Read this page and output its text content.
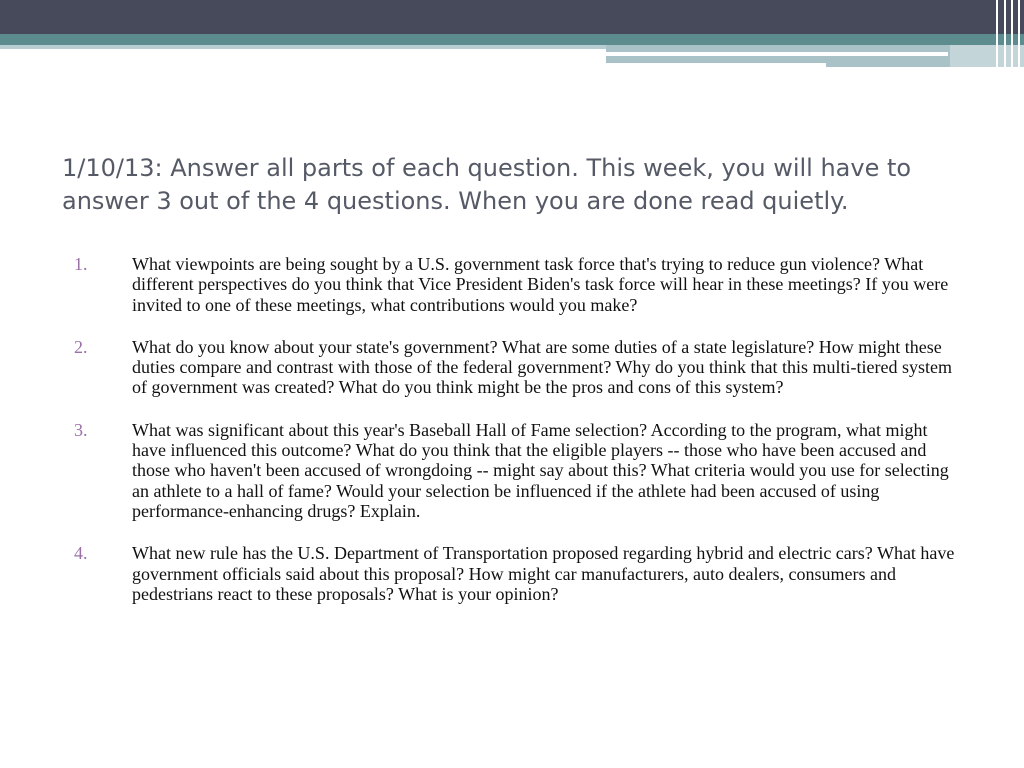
1/10/13: Answer all parts of each question. This week, you will have to answer 3 out of the 4 questions. When you are done read quietly.
1.	What viewpoints are being sought by a U.S. government task force that's trying to reduce gun violence? What different perspectives do you think that Vice President Biden's task force will hear in these meetings? If you were invited to one of these meetings, what contributions would you make?
2.	What do you know about your state's government? What are some duties of a state legislature? How might these duties compare and contrast with those of the federal government? Why do you think that this multi-tiered system of government was created? What do you think might be the pros and cons of this system?
3.	What was significant about this year's Baseball Hall of Fame selection? According to the program, what might have influenced this outcome? What do you think that the eligible players -- those who have been accused and those who haven't been accused of wrongdoing -- might say about this? What criteria would you use for selecting an athlete to a hall of fame? Would your selection be influenced if the athlete had been accused of using performance-enhancing drugs? Explain.
4.	What new rule has the U.S. Department of Transportation proposed regarding hybrid and electric cars? What have government officials said about this proposal? How might car manufacturers, auto dealers, consumers and pedestrians react to these proposals? What is your opinion?
